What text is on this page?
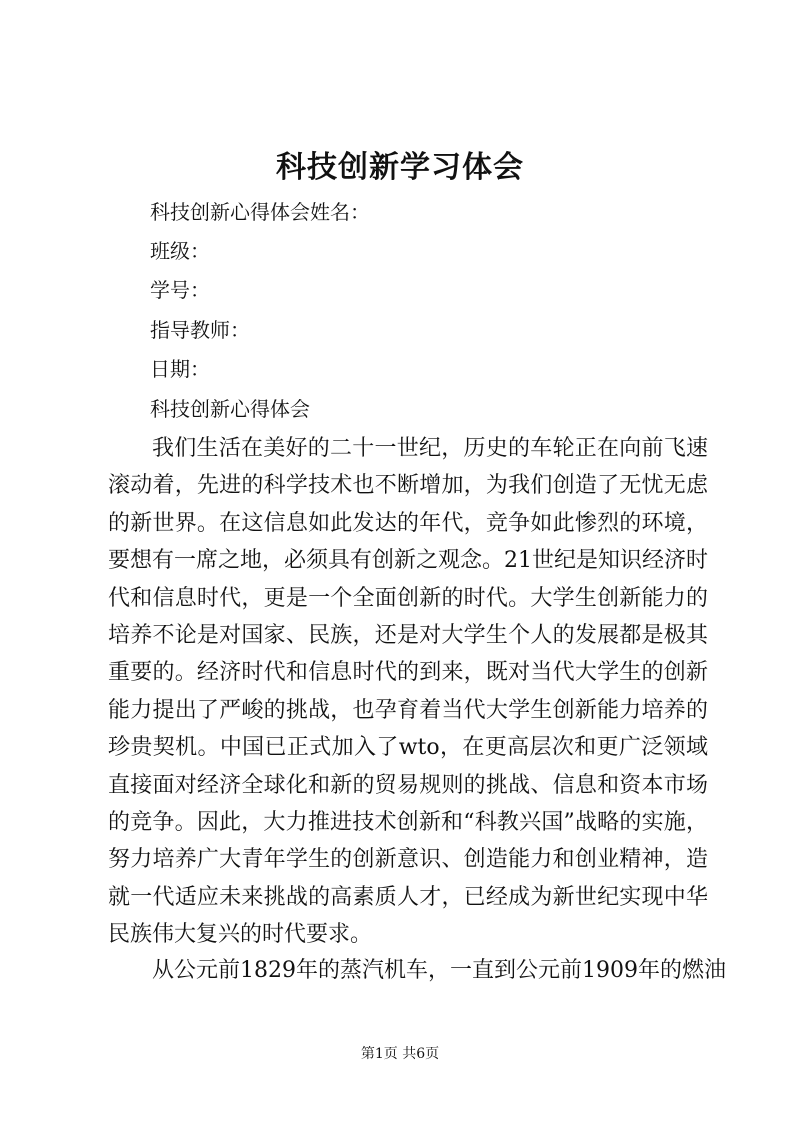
科技创新学习体会

科技创新心得体会姓名：

班级：

学号：

指导教师：

日期：

科技创新心得体会

我们生活在美好的二十一世纪，历史的车轮正在向前飞速滚动着，先进的科学技术也不断增加，为我们创造了无忧无虑的新世界。在这信息如此发达的年代，竞争如此惨烈的环境，要想有一席之地，必须具有创新之观念。21世纪是知识经济时代和信息时代，更是一个全面创新的时代。大学生创新能力的培养不论是对国家、民族，还是对大学生个人的发展都是极其重要的。经济时代和信息时代的到来，既对当代大学生的创新能力提出了严峻的挑战，也孕育着当代大学生创新能力培养的珍贵契机。中国已正式加入了wto，在更高层次和更广泛领域直接面对经济全球化和新的贸易规则的挑战、信息和资本市场的竞争。因此，大力推进技术创新和“科教兴国”战略的实施，努力培养广大青年学生的创新意识、创造能力和创业精神，造就一代适应未来挑战的高素质人才，已经成为新世纪实现中华民族伟大复兴的时代要求。

从公元前1829年的蒸汽机车，一直到公元前1909年的燃油

第1页 共6页
